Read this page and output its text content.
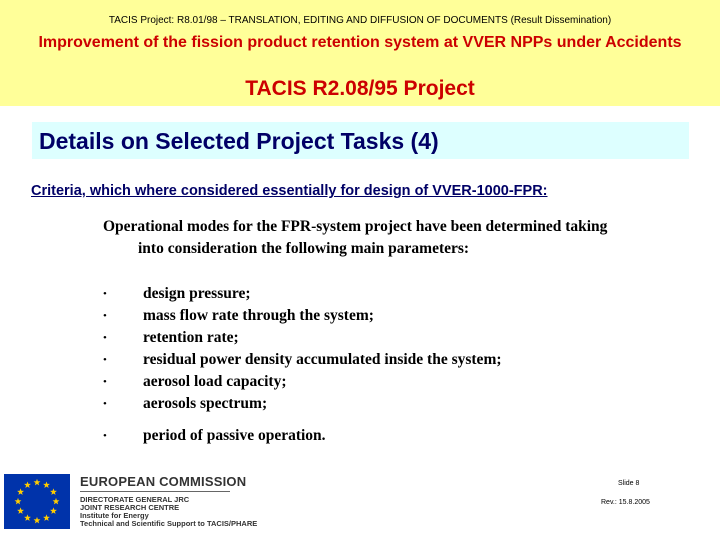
TACIS Project: R8.01/98 – TRANSLATION, EDITING AND DIFFUSION OF DOCUMENTS (Result Dissemination)
Improvement of the fission product retention system at VVER NPPs under Accidents
TACIS R2.08/95 Project
Details on Selected Project Tasks (4)
Criteria, which where considered essentially for design of VVER-1000-FPR:
Operational modes for the FPR-system project have been determined taking
into consideration the following main parameters:
• design pressure;
• mass flow rate through the system;
• retention rate;
• residual power density accumulated inside the system;
• aerosol load capacity;
• aerosols spectrum;
• period of passive operation.
EUROPEAN COMMISSION
DIRECTORATE GENERAL JRC
JOINT RESEARCH CENTRE
Institute for Energy
Technical and Scientific Support to TACIS/PHARE
Slide 8
Rev.: 15.8.2005
